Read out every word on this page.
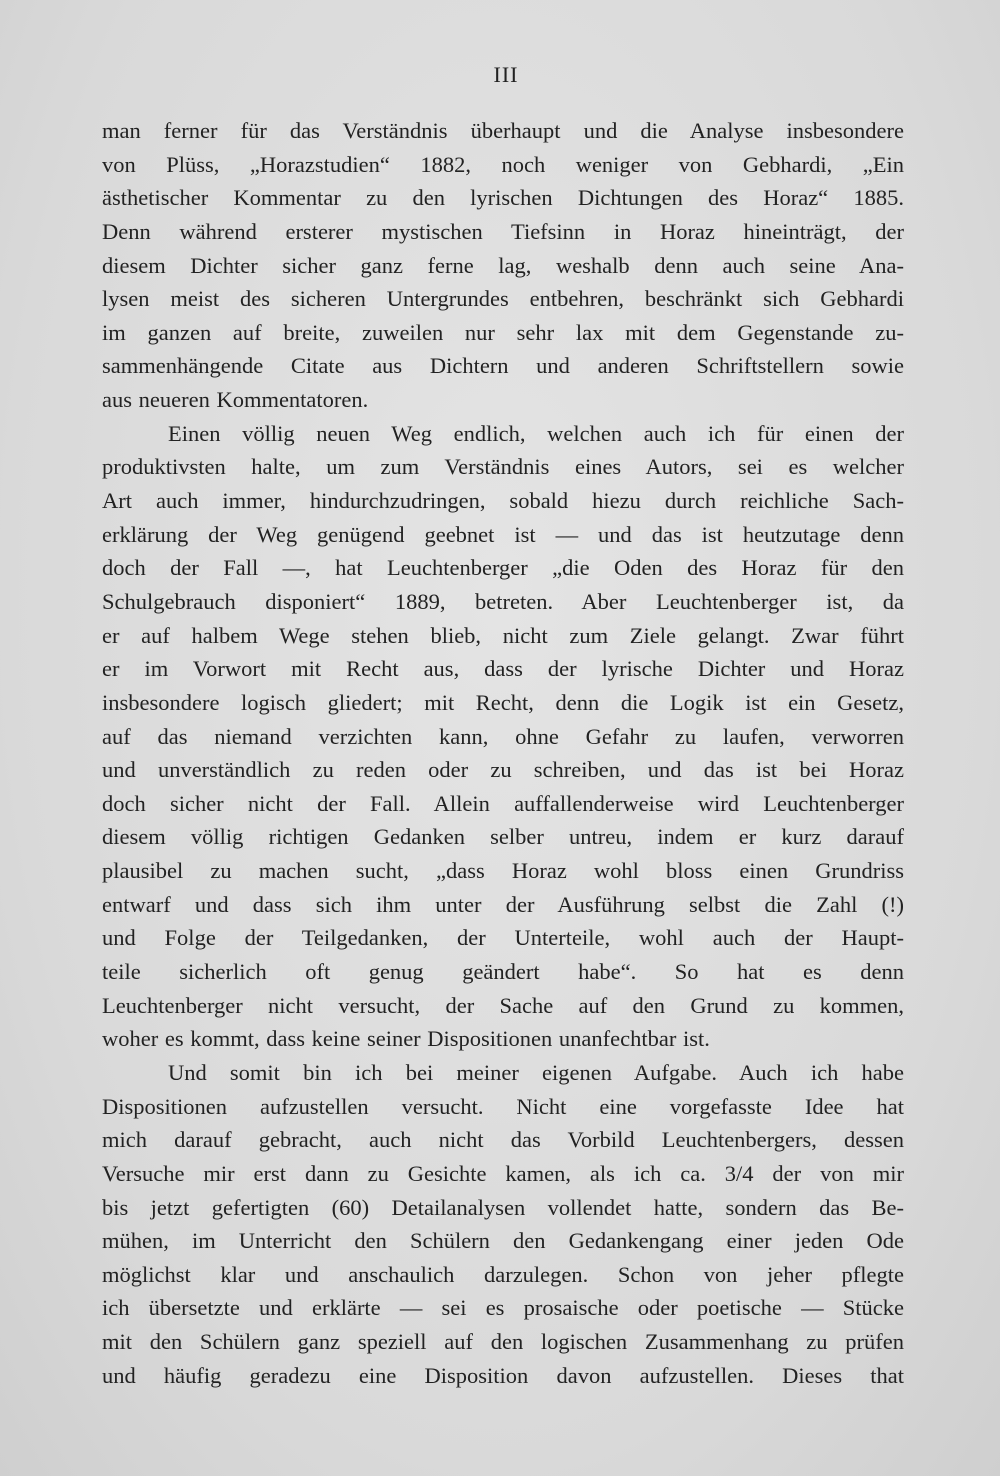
III
man ferner für das Verständnis überhaupt und die Analyse insbesondere
von Plüss, „Horazstudien“ 1882, noch weniger von Gebhardi, „Ein
ästhetischer Kommentar zu den lyrischen Dichtungen des Horaz“ 1885.
Denn während ersterer mystischen Tiefsinn in Horaz hineinträgt, der
diesem Dichter sicher ganz ferne lag, weshalb denn auch seine Ana-
lysen meist des sicheren Untergrundes entbehren, beschränkt sich Gebhardi
im ganzen auf breite, zuweilen nur sehr lax mit dem Gegenstande zu-
sammenhängende Citate aus Dichtern und anderen Schriftstellern sowie
aus neueren Kommentatoren.
Einen völlig neuen Weg endlich, welchen auch ich für einen der
produktivsten halte, um zum Verständnis eines Autors, sei es welcher
Art auch immer, hindurchzudringen, sobald hiezu durch reichliche Sach-
erklärung der Weg genügend geebnet ist — und das ist heutzutage denn
doch der Fall —, hat Leuchtenberger „die Oden des Horaz für den
Schulgebrauch disponiert“ 1889, betreten. Aber Leuchtenberger ist, da
er auf halbem Wege stehen blieb, nicht zum Ziele gelangt. Zwar führt
er im Vorwort mit Recht aus, dass der lyrische Dichter und Horaz
insbesondere logisch gliedert; mit Recht, denn die Logik ist ein Gesetz,
auf das niemand verzichten kann, ohne Gefahr zu laufen, verworren
und unverständlich zu reden oder zu schreiben, und das ist bei Horaz
doch sicher nicht der Fall. Allein auffallenderweise wird Leuchtenberger
diesem völlig richtigen Gedanken selber untreu, indem er kurz darauf
plausibel zu machen sucht, „dass Horaz wohl bloss einen Grundriss
entwarf und dass sich ihm unter der Ausführung selbst die Zahl (!)
und Folge der Teilgedanken, der Unterteile, wohl auch der Haupt-
teile sicherlich oft genug geändert habe“. So hat es denn
Leuchtenberger nicht versucht, der Sache auf den Grund zu kommen,
woher es kommt, dass keine seiner Dispositionen unanfechtbar ist.
Und somit bin ich bei meiner eigenen Aufgabe. Auch ich habe
Dispositionen aufzustellen versucht. Nicht eine vorgefasste Idee hat
mich darauf gebracht, auch nicht das Vorbild Leuchtenbergers, dessen
Versuche mir erst dann zu Gesichte kamen, als ich ca. 3/4 der von mir
bis jetzt gefertigten (60) Detailanalysen vollendet hatte, sondern das Be-
mühen, im Unterricht den Schülern den Gedankengang einer jeden Ode
möglichst klar und anschaulich darzulegen. Schon von jeher pflegte
ich übersetzte und erklärte — sei es prosaische oder poetische — Stücke
mit den Schülern ganz speziell auf den logischen Zusammenhang zu prüfen
und häufig geradezu eine Disposition davon aufzustellen. Dieses that
